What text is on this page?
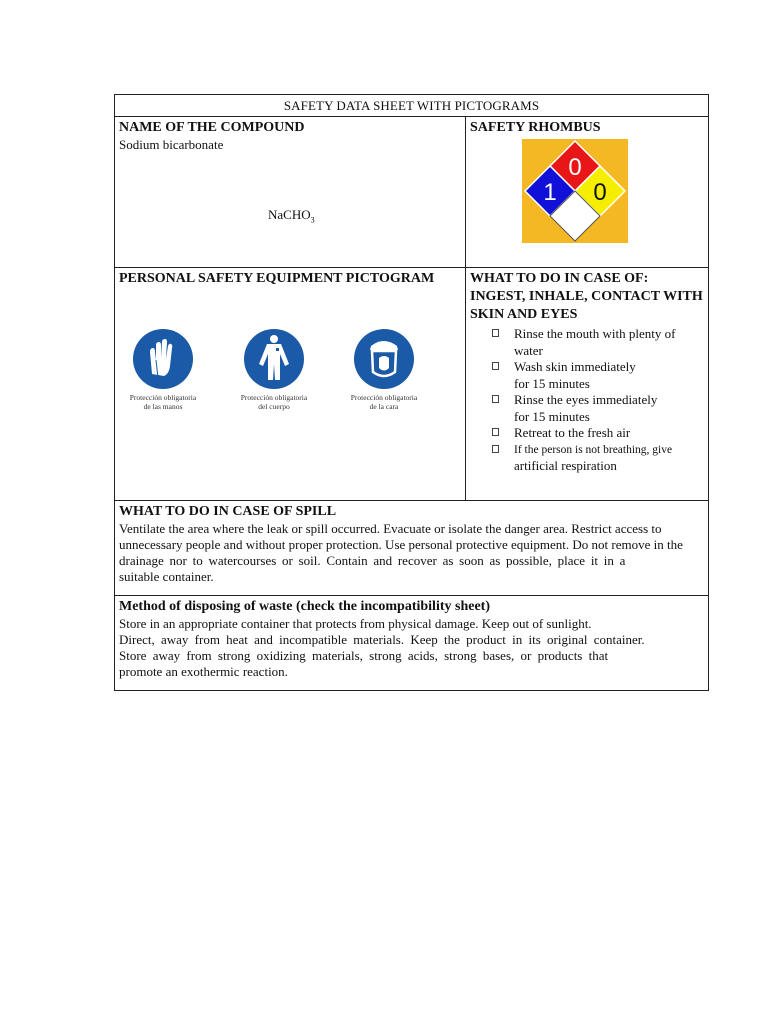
SAFETY DATA SHEET WITH PICTOGRAMS
NAME OF THE COMPOUND
Sodium bicarbonate
NaCHO$_3$
SAFETY RHOMBUS
0
1 0
PERSONAL SAFETY EQUIPMENT PICTOGRAM
Protección obligatoria
de las manos
Protección obligatoria
del cuerpo
Protección obligatoria
de la cara
WHAT TO DO IN CASE OF:
INGEST, INHALE, CONTACT WITH
SKIN AND EYES
Rinse the mouth with plenty of
water
Wash skin immediately
for 15 minutes
Rinse the eyes immediately
for 15 minutes
Retreat to the fresh air
If the person is not breathing, give
artificial respiration
WHAT TO DO IN CASE OF SPILL
Ventilate the area where the leak or spill occurred. Evacuate or isolate the danger area. Restrict access to
unnecessary people and without proper protection. Use personal protective equipment. Do not remove in the
drainage nor to watercourses or soil. Contain and recover as soon as possible, place it in a
suitable container.
Method of disposing of waste (check the incompatibility sheet)
Store in an appropriate container that protects from physical damage. Keep out of sunlight.
Direct, away from heat and incompatible materials. Keep the product in its original container.
Store away from strong oxidizing materials, strong acids, strong bases, or products that
promote an exothermic reaction.
